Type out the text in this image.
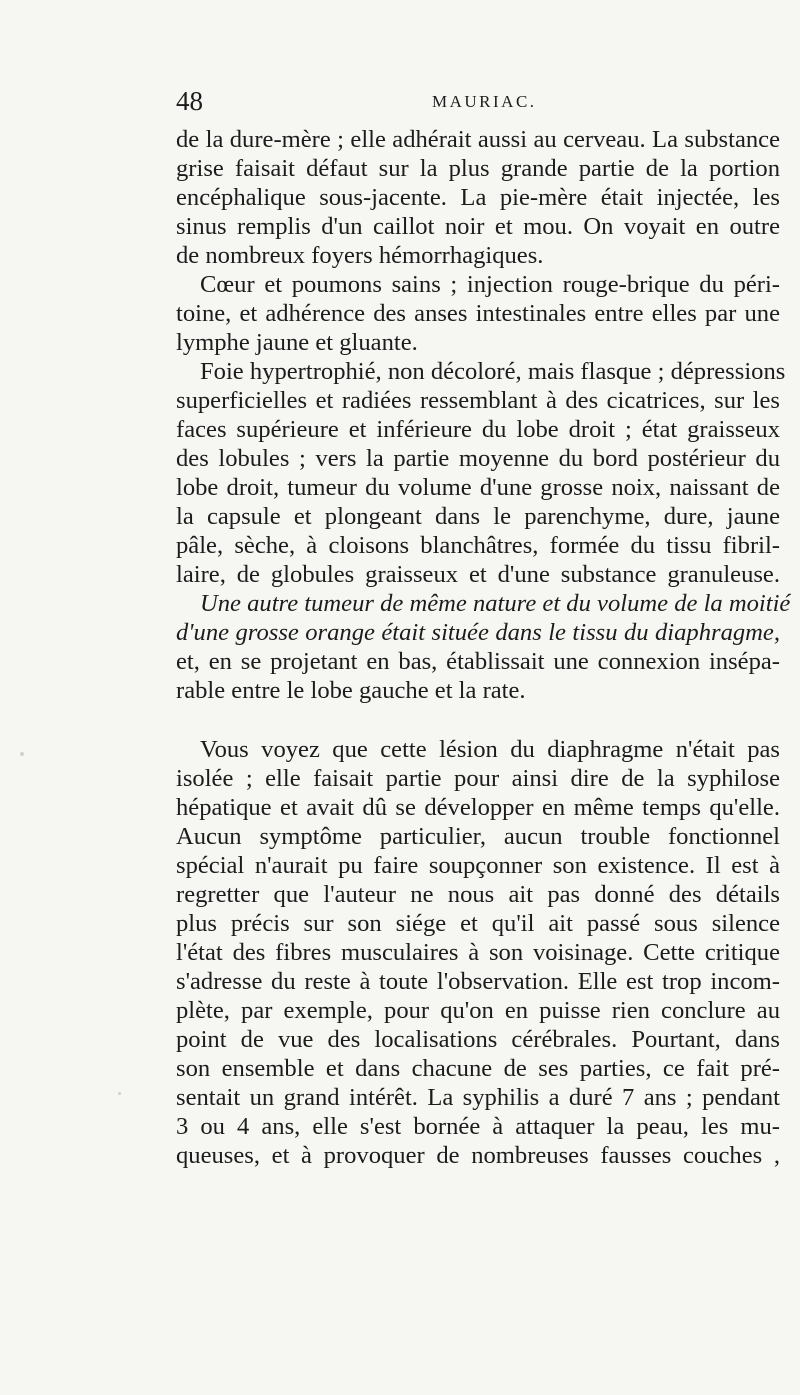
48	MAURIAC.
de la dure-mère ; elle adhérait aussi au cerveau. La substance
grise faisait défaut sur la plus grande partie de la portion
encéphalique sous-jacente. La pie-mère était injectée, les
sinus remplis d'un caillot noir et mou. On voyait en outre
de nombreux foyers hémorrhagiques.
Cœur et poumons sains ; injection rouge-brique du péri-
toine, et adhérence des anses intestinales entre elles par une
lymphe jaune et gluante.
Foie hypertrophié, non décoloré, mais flasque ; dépressions
superficielles et radiées ressemblant à des cicatrices, sur les
faces supérieure et inférieure du lobe droit ; état graisseux
des lobules ; vers la partie moyenne du bord postérieur du
lobe droit, tumeur du volume d'une grosse noix, naissant de
la capsule et plongeant dans le parenchyme, dure, jaune
pâle, sèche, à cloisons blanchâtres, formée du tissu fibril-
laire, de globules graisseux et d'une substance granuleuse.
Une autre tumeur de même nature et du volume de la moitié
d'une grosse orange était située dans le tissu du diaphragme,
et, en se projetant en bas, établissait une connexion insépa-
rable entre le lobe gauche et la rate.
Vous voyez que cette lésion du diaphragme n'était pas
isolée ; elle faisait partie pour ainsi dire de la syphilose
hépatique et avait dû se développer en même temps qu'elle.
Aucun symptôme particulier, aucun trouble fonctionnel
spécial n'aurait pu faire soupçonner son existence. Il est à
regretter que l'auteur ne nous ait pas donné des détails
plus précis sur son siége et qu'il ait passé sous silence
l'état des fibres musculaires à son voisinage. Cette critique
s'adresse du reste à toute l'observation. Elle est trop incom-
plète, par exemple, pour qu'on en puisse rien conclure au
point de vue des localisations cérébrales. Pourtant, dans
son ensemble et dans chacune de ses parties, ce fait pré-
sentait un grand intérêt. La syphilis a duré 7 ans ; pendant
3 ou 4 ans, elle s'est bornée à attaquer la peau, les mu-
queuses, et à provoquer de nombreuses fausses couches ,
